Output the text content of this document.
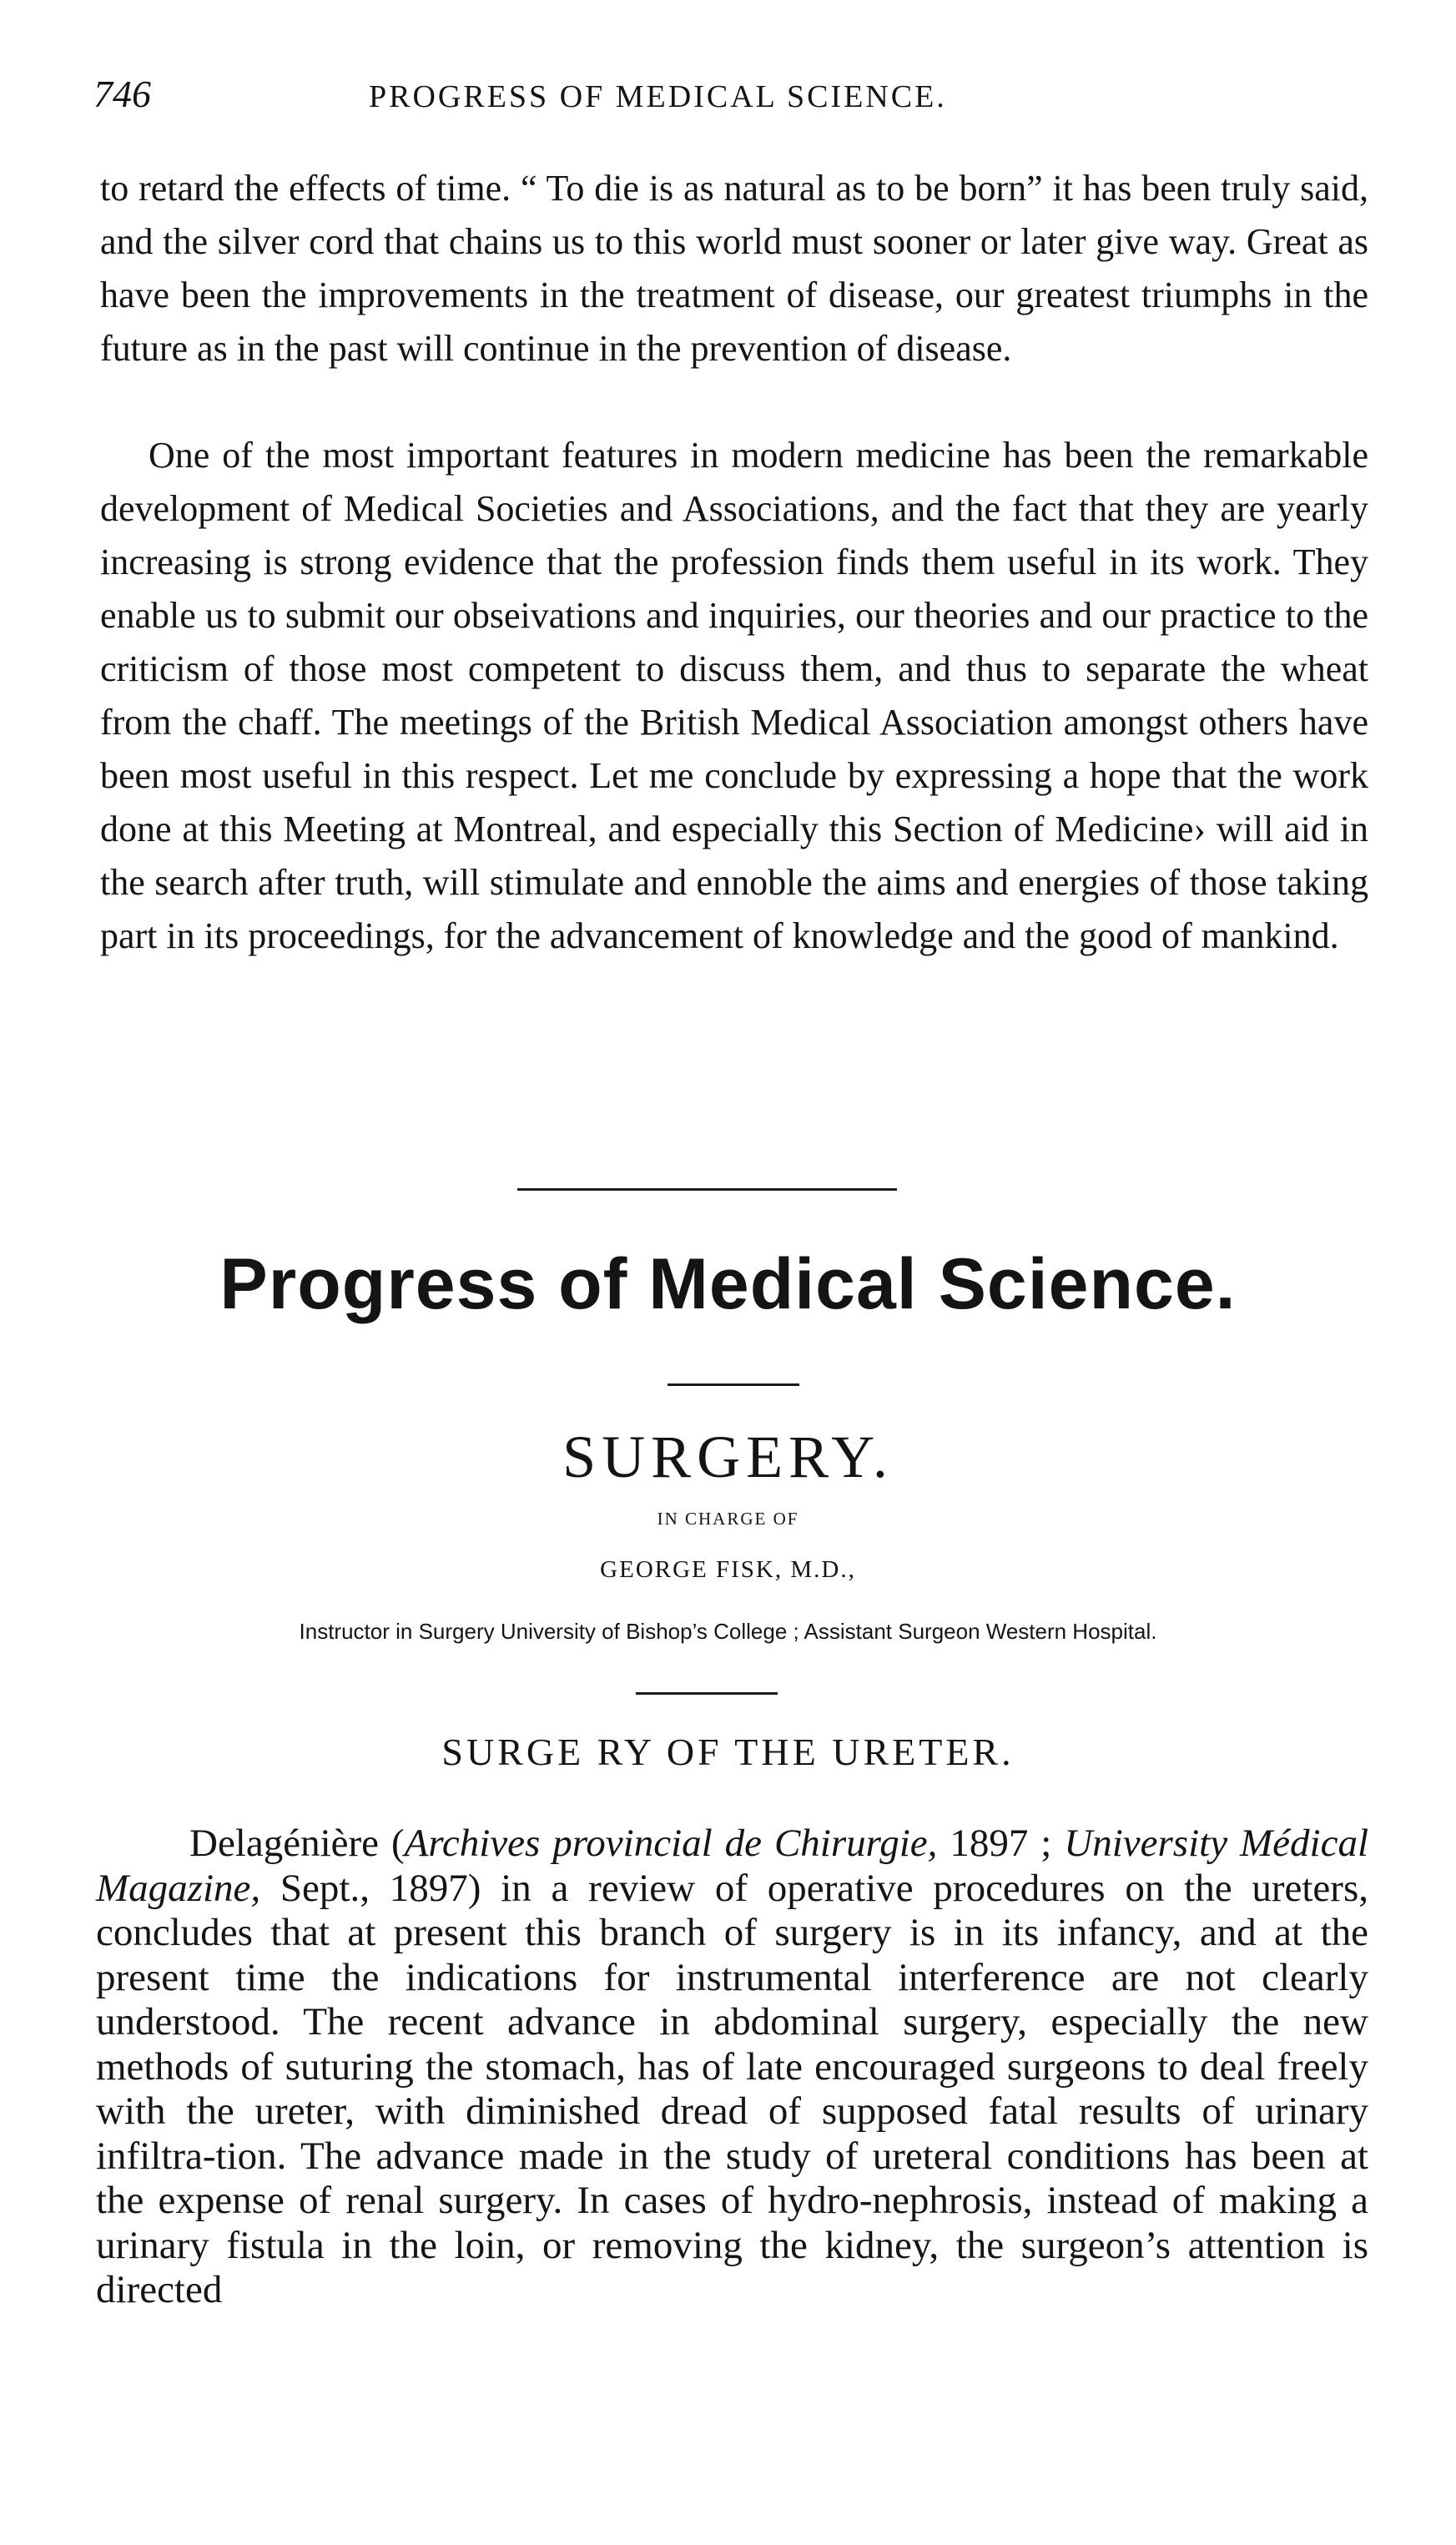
746	PROGRESS OF MEDICAL SCIENCE.

to retard the effects of time. “ To die is as natural as to be born” it has been truly said, and the silver cord that chains us to this world must sooner or later give way. Great as have been the improvements in the treatment of disease, our greatest triumphs in the future as in the past will continue in the prevention of disease.

One of the most important features in modern medicine has been the remarkable development of Medical Societies and Associations, and the fact that they are yearly increasing is strong evidence that the profession finds them useful in its work. They enable us to submit our obseivations and inquiries, our theories and our practice to the criticism of those most competent to discuss them, and thus to separate the wheat from the chaff. The meetings of the British Medical Association amongst others have been most useful in this respect. Let me conclude by expressing a hope that the work done at this Meeting at Montreal, and especially this Section of Medicine› will aid in the search after truth, will stimulate and ennoble the aims and energies of those taking part in its proceedings, for the advancement of knowledge and the good of mankind.

Progress of Medical Science.
SURGERY.
IN CHARGE OF
GEORGE FISK, M.D.,
Instructor in Surgery University of Bishop’s College ; Assistant Surgeon Western Hospital.
SURGE RY OF THE URETER.

Delagénière (Archives provincial de Chirurgie, 1897 ; University Médical Magazine, Sept., 1897) in a review of operative procedures on the ureters, concludes that at present this branch of surgery is in its infancy, and at the present time the indications for instrumental interference are not clearly understood. The recent advance in abdominal surgery, especially the new methods of suturing the stomach, has of late encouraged surgeons to deal freely with the ureter, with diminished dread of supposed fatal results of urinary infiltra-tion. The advance made in the study of ureteral conditions has been at the expense of renal surgery. In cases of hydro-nephrosis, instead of making a urinary fistula in the loin, or removing the kidney, the surgeon’s attention is directed
